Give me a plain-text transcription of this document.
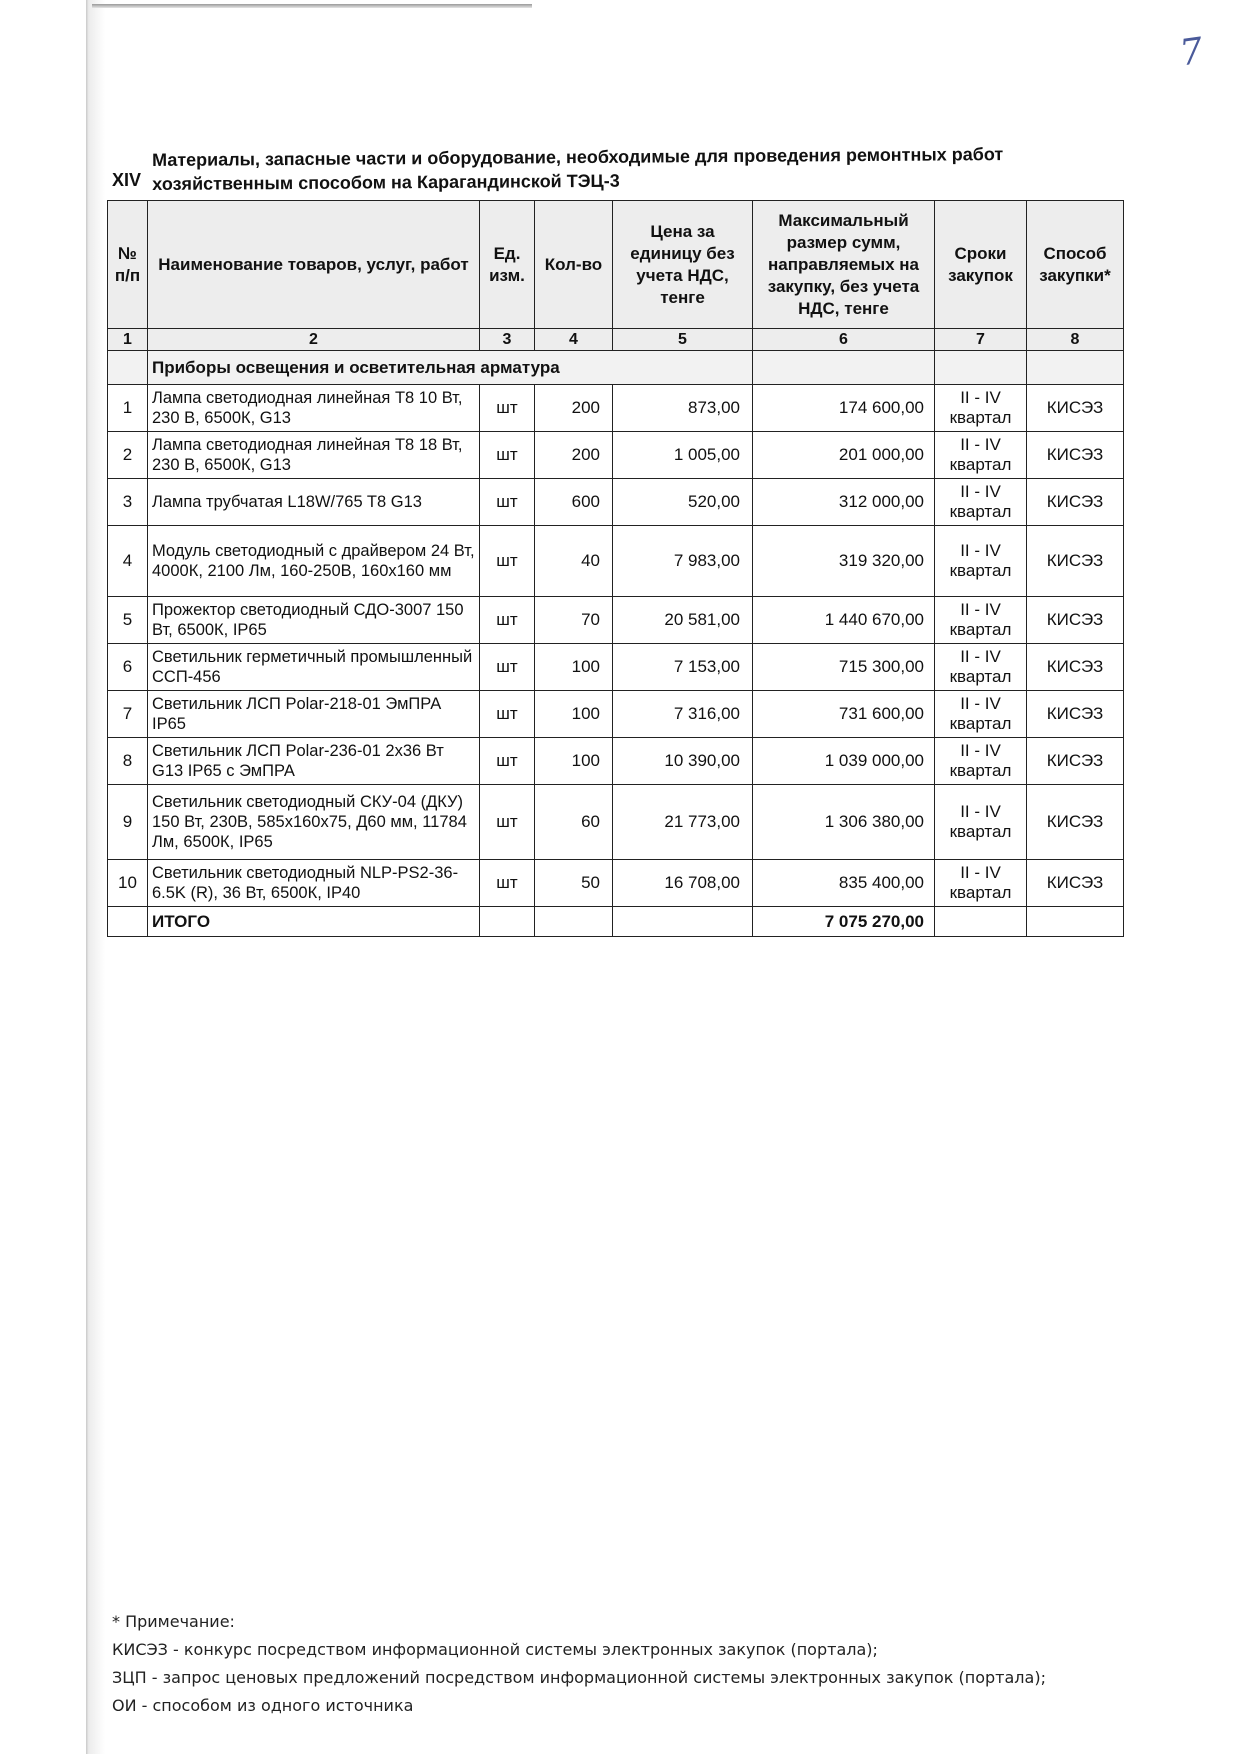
7
XIV
Материалы, запасные части и оборудование, необходимые для проведения ремонтных работ хозяйственным способом на Карагандинской ТЭЦ-3
№ п/п	Наименование товаров, услуг, работ	Ед. изм.	Кол-во	Цена за единицу без учета НДС, тенге	Максимальный размер сумм, направляемых на закупку, без учета НДС, тенге	Сроки закупок	Способ закупки*
1	2	3	4	5	6	7	8
	Приборы освещения и осветительная арматура						
1	Лампа светодиодная линейная Т8 10 Вт, 230 В, 6500К, G13	шт	200	873,00	174 600,00	II - IV квартал	КИСЭЗ
2	Лампа светодиодная линейная Т8 18 Вт, 230 В, 6500К, G13	шт	200	1 005,00	201 000,00	II - IV квартал	КИСЭЗ
3	Лампа трубчатая L18W/765 T8 G13	шт	600	520,00	312 000,00	II - IV квартал	КИСЭЗ
4	Модуль светодиодный с драйвером 24 Вт, 4000К, 2100 Лм, 160-250В, 160х160 мм	шт	40	7 983,00	319 320,00	II - IV квартал	КИСЭЗ
5	Прожектор светодиодный СДО-3007 150 Вт, 6500К, IP65	шт	70	20 581,00	1 440 670,00	II - IV квартал	КИСЭЗ
6	Светильник герметичный промышленный ССП-456	шт	100	7 153,00	715 300,00	II - IV квартал	КИСЭЗ
7	Светильник ЛСП Polar-218-01 ЭмПРА IP65	шт	100	7 316,00	731 600,00	II - IV квартал	КИСЭЗ
8	Светильник ЛСП Polar-236-01 2х36 Вт G13 IP65 с ЭмПРА	шт	100	10 390,00	1 039 000,00	II - IV квартал	КИСЭЗ
9	Светильник светодиодный СКУ-04 (ДКУ) 150 Вт, 230В, 585х160х75, Д60 мм, 11784 Лм, 6500К, IP65	шт	60	21 773,00	1 306 380,00	II - IV квартал	КИСЭЗ
10	Светильник светодиодный NLP-PS2-36-6.5K (R), 36 Вт, 6500К, IP40	шт	50	16 708,00	835 400,00	II - IV квартал	КИСЭЗ
	ИТОГО				7 075 270,00		
* Примечание:
КИСЭЗ - конкурс посредством информационной системы электронных закупок (портала);
ЗЦП - запрос ценовых предложений посредством информационной системы электронных закупок (портала);
ОИ - способом из одного источника
